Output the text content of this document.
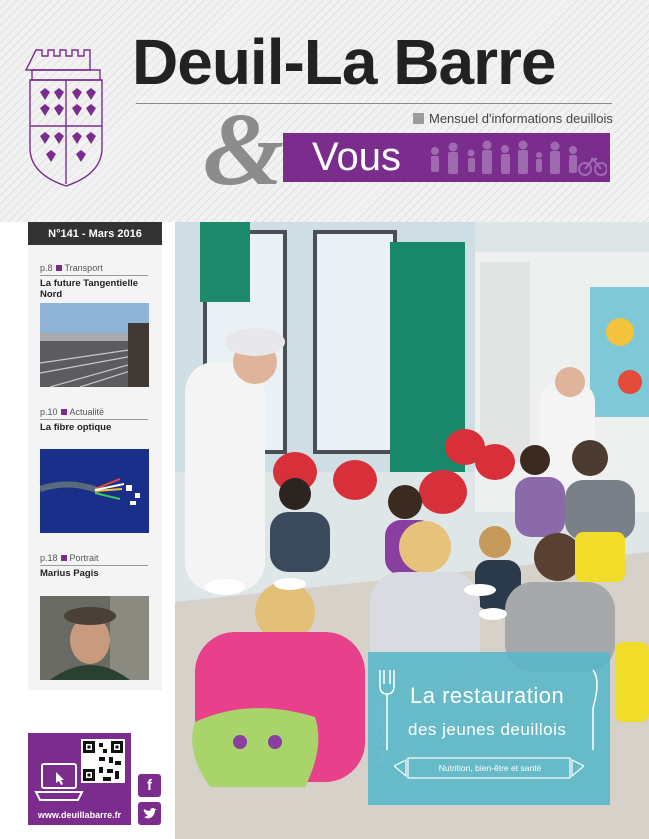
Deuil-La Barre
Mensuel d'informations deuillois
Vous
&
N°141 - Mars 2016
p.8 Transport
La future Tangentielle Nord
p.10 Actualité
La fibre optique
p.18 Portrait
Marius Pagis
www.deuillabarre.fr
f
La restauration
des jeunes deuillois
Nutrition, bien-être et santé
